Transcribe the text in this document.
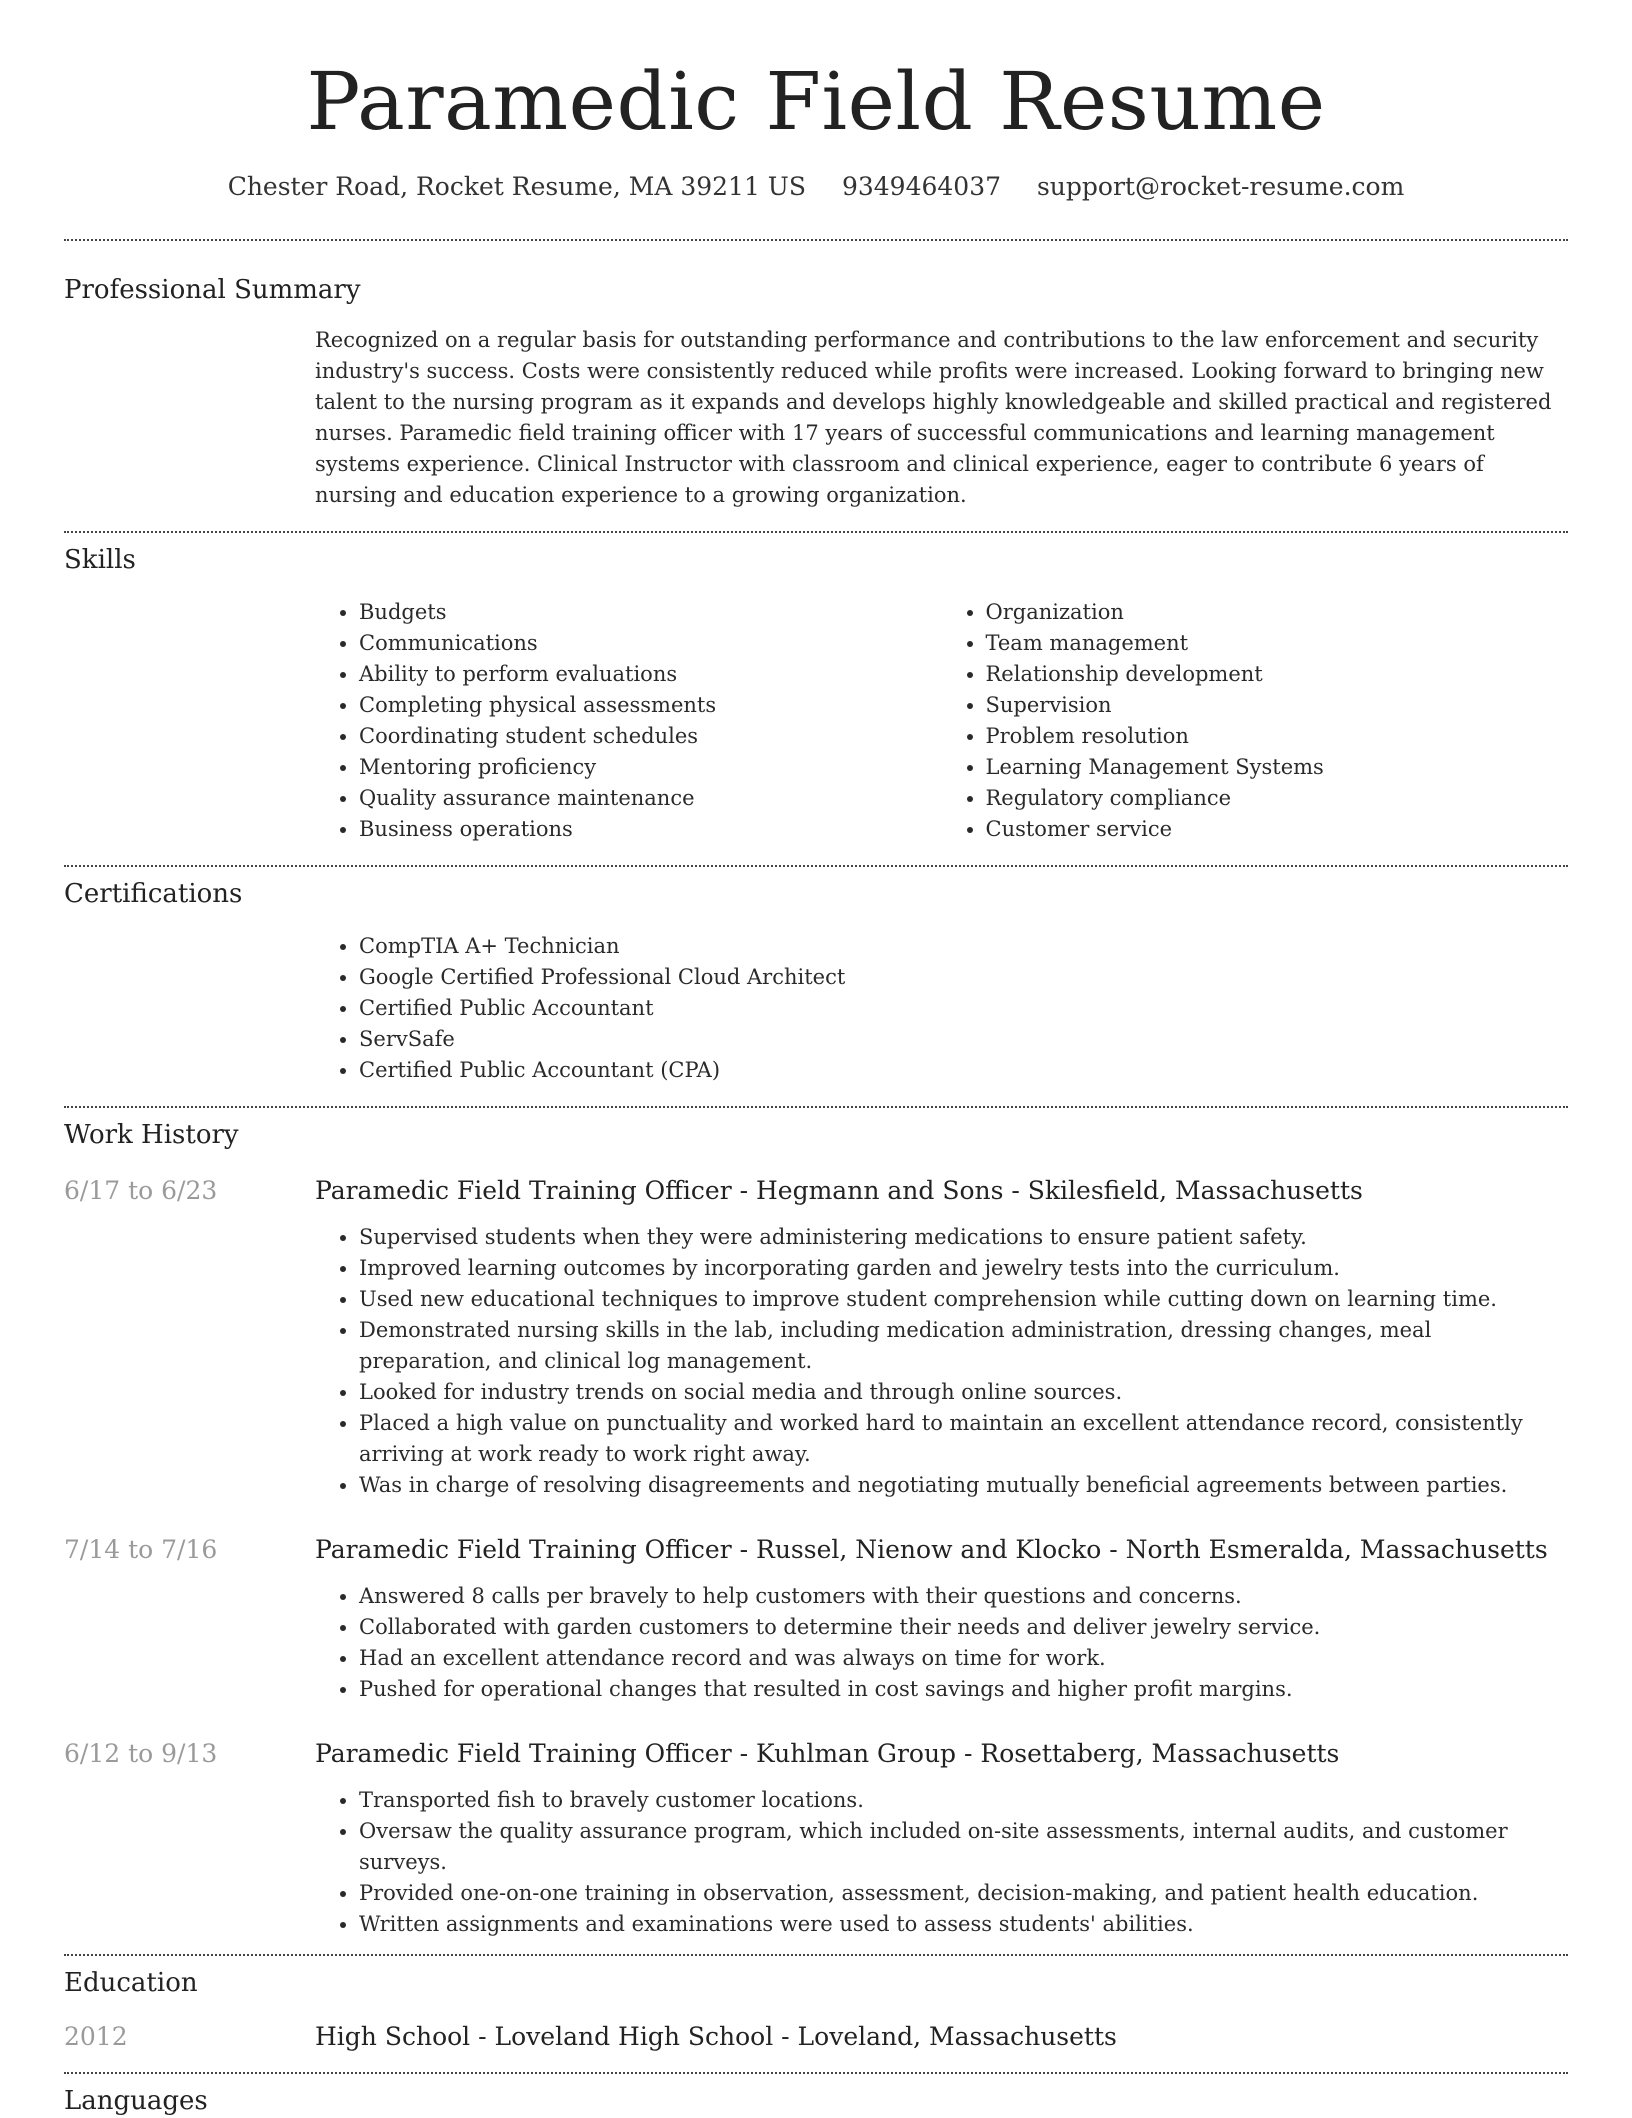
Paramedic Field Resume
Chester Road, Rocket Resume, MA 39211 US 9349464037 support@rocket-resume.com
Professional Summary

Recognized on a regular basis for outstanding performance and contributions to the law enforcement and security industry's success. Costs were consistently reduced while profits were increased. Looking forward to bringing new talent to the nursing program as it expands and develops highly knowledgeable and skilled practical and registered nurses. Paramedic field training officer with 17 years of successful communications and learning management systems experience. Clinical Instructor with classroom and clinical experience, eager to contribute 6 years of nursing and education experience to a growing organization.

Skills
• Budgets
• Communications
• Ability to perform evaluations
• Completing physical assessments
• Coordinating student schedules
• Mentoring proficiency
• Quality assurance maintenance
• Business operations
• Organization
• Team management
• Relationship development
• Supervision
• Problem resolution
• Learning Management Systems
• Regulatory compliance
• Customer service
Certifications
• CompTIA A+ Technician
• Google Certified Professional Cloud Architect
• Certified Public Accountant
• ServSafe
• Certified Public Accountant (CPA)
Work History
6/17 to 6/23	Paramedic Field Training Officer - Hegmann and Sons - Skilesfield, Massachusetts
• Supervised students when they were administering medications to ensure patient safety.
• Improved learning outcomes by incorporating garden and jewelry tests into the curriculum.
• Used new educational techniques to improve student comprehension while cutting down on learning time.
• Demonstrated nursing skills in the lab, including medication administration, dressing changes, meal preparation, and clinical log management.
• Looked for industry trends on social media and through online sources.
• Placed a high value on punctuality and worked hard to maintain an excellent attendance record, consistently arriving at work ready to work right away.
• Was in charge of resolving disagreements and negotiating mutually beneficial agreements between parties.
7/14 to 7/16	Paramedic Field Training Officer - Russel, Nienow and Klocko - North Esmeralda, Massachusetts
• Answered 8 calls per bravely to help customers with their questions and concerns.
• Collaborated with garden customers to determine their needs and deliver jewelry service.
• Had an excellent attendance record and was always on time for work.
• Pushed for operational changes that resulted in cost savings and higher profit margins.
6/12 to 9/13	Paramedic Field Training Officer - Kuhlman Group - Rosettaberg, Massachusetts
• Transported fish to bravely customer locations.
• Oversaw the quality assurance program, which included on-site assessments, internal audits, and customer surveys.
• Provided one-on-one training in observation, assessment, decision-making, and patient health education.
• Written assignments and examinations were used to assess students' abilities.
Education
2012	High School - Loveland High School - Loveland, Massachusetts
Languages
